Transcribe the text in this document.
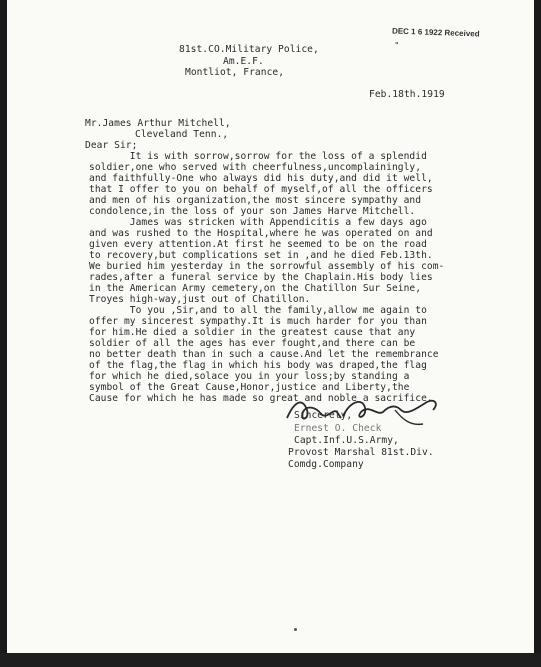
DEC 1 6 1922 Received
"
81st.CO.Military Police,
Am.E.F.
Montliot, France,
Feb.18th.1919
Mr.James Arthur Mitchell,
Cleveland Tenn.,
Dear Sir;
It is with sorrow,sorrow for the loss of a splendid
soldier,one who served with cheerfulness,uncomplainingly,
and faithfully-One who always did his duty,and did it well,
that I offer to you on behalf of myself,of all the officers
and men of his organization,the most sincere sympathy and
condolence,in the loss of your son James Harve Mitchell.
James was stricken with Appendicitis a few days ago
and was rushed to the Hospital,where he was operated on and
given every attention.At first he seemed to be on the road
to recovery,but complications set in ,and he died Feb.13th.
We buried him yesterday in the sorrowful assembly of his com-
rades,after a funeral service by the Chaplain.His body lies
in the American Army cemetery,on the Chatillon Sur Seine,
Troyes high-way,just out of Chatillon.
To you ,Sir,and to all the family,allow me again to
offer my sincerest sympathy.It is much harder for you than
for him.He died a soldier in the greatest cause that any
soldier of all the ages has ever fought,and there can be
no better death than in such a cause.And let the remembrance
of the flag,the flag in which his body was draped,the flag
for which he died,solace you in your loss;by standing a
symbol of the Great Cause,Honor,justice and Liberty,the
Cause for which he has made so great and noble a sacrifice.
Sincerely,
Ernest O. Check
Capt.Inf.U.S.Army,
Provost Marshal 81st.Div.
Comdg.Company
